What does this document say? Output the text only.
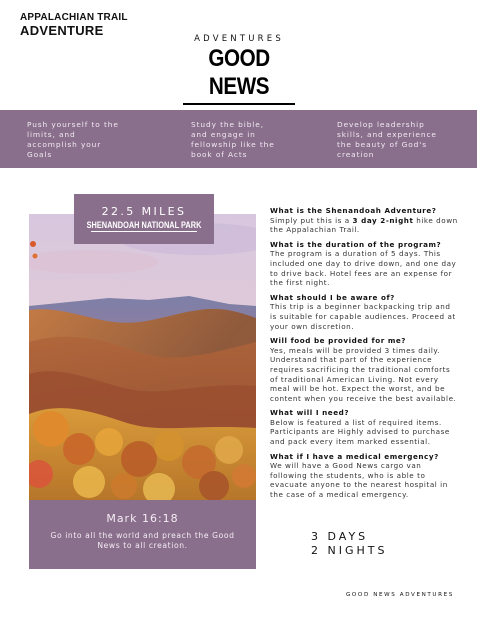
APPALACHIAN TRAIL
ADVENTURE
ADVENTURES
GOOD NEWS
Push yourself to the
limits, and
accomplish your
Goals
Study the bible,
and engage in
fellowship like the
book of Acts
Develop leadership
skills, and experience
the beauty of God's
creation
22.5 MILES
SHENANDOAH NATIONAL PARK
Mark 16:18
Go into all the world and preach the Good News to all creation.
What is the Shenandoah Adventure?
Simply put this is a 3 day 2-night hike down the Appalachian Trail.
What is the duration of the program?
The program is a duration of 5 days. This included one day to drive down, and one day to drive back. Hotel fees are an expense for the first night.
What should I be aware of?
This trip is a beginner backpacking trip and is suitable for capable audiences. Proceed at your own discretion.
Will food be provided for me?
Yes, meals will be provided 3 times daily. Understand that part of the experience requires sacrificing the traditional comforts of traditional American Living. Not every meal will be hot. Expect the worst, and be content when you receive the best available.
What will I need?
Below is featured a list of required items. Participants are Highly advised to purchase and pack every item marked essential.
What if I have a medical emergency?
We will have a Good News cargo van following the students, who is able to evacuate anyone to the nearest hospital in the case of a medical emergency.
3 DAYS
2 NIGHTS
GOOD NEWS ADVENTURES
